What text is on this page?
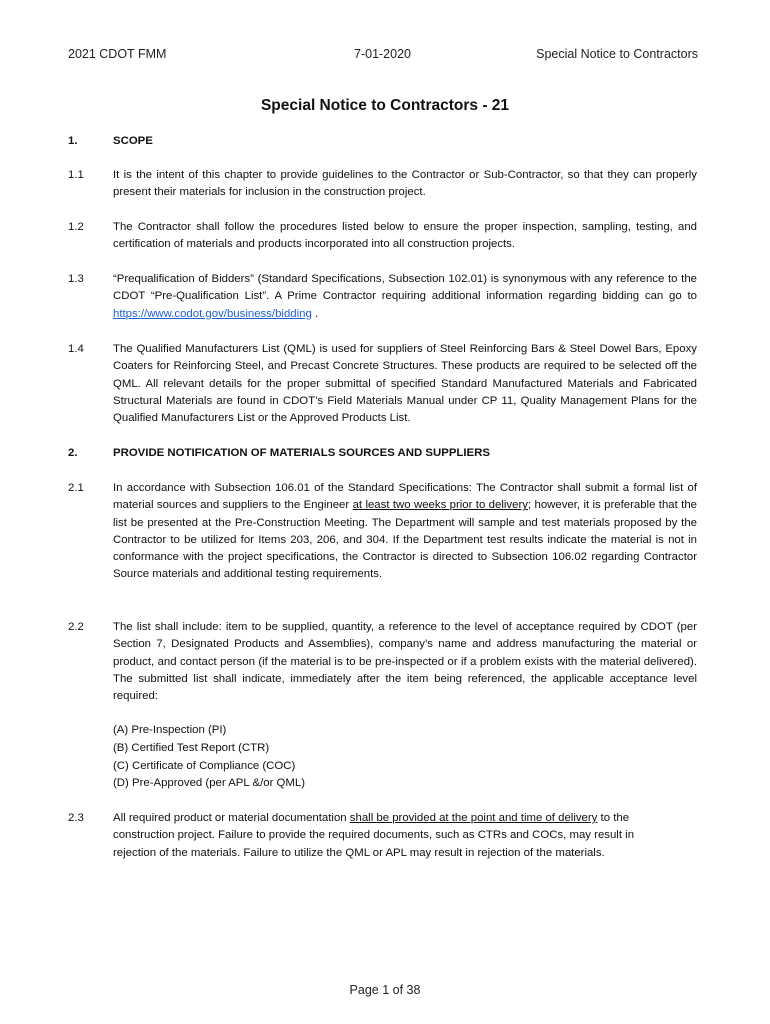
2021 CDOT FMM	7-01-2020	Special Notice to Contractors
Special Notice to Contractors - 21
1.	SCOPE
1.1	It is the intent of this chapter to provide guidelines to the Contractor or Sub-Contractor, so that they can properly present their materials for inclusion in the construction project.
1.2	The Contractor shall follow the procedures listed below to ensure the proper inspection, sampling, testing, and certification of materials and products incorporated into all construction projects.
1.3	“Prequalification of Bidders” (Standard Specifications, Subsection 102.01) is synonymous with any reference to the CDOT “Pre-Qualification List”. A Prime Contractor requiring additional information regarding bidding can go to https://www.codot.gov/business/bidding .
1.4	The Qualified Manufacturers List (QML) is used for suppliers of Steel Reinforcing Bars & Steel Dowel Bars, Epoxy Coaters for Reinforcing Steel, and Precast Concrete Structures. These products are required to be selected off the QML. All relevant details for the proper submittal of specified Standard Manufactured Materials and Fabricated Structural Materials are found in CDOT’s Field Materials Manual under CP 11, Quality Management Plans for the Qualified Manufacturers List or the Approved Products List.
2.	PROVIDE NOTIFICATION OF MATERIALS SOURCES AND SUPPLIERS
2.1	In accordance with Subsection 106.01 of the Standard Specifications: The Contractor shall submit a formal list of material sources and suppliers to the Engineer at least two weeks prior to delivery; however, it is preferable that the list be presented at the Pre-Construction Meeting. The Department will sample and test materials proposed by the Contractor to be utilized for Items 203, 206, and 304. If the Department test results indicate the material is not in conformance with the project specifications, the Contractor is directed to Subsection 106.02 regarding Contractor Source materials and additional testing requirements.
2.2	The list shall include: item to be supplied, quantity, a reference to the level of acceptance required by CDOT (per Section 7, Designated Products and Assemblies), company’s name and address manufacturing the material or product, and contact person (if the material is to be pre-inspected or if a problem exists with the material delivered). The submitted list shall indicate, immediately after the item being referenced, the applicable acceptance level required:
(A) Pre-Inspection (PI)
(B) Certified Test Report (CTR)
(C) Certificate of Compliance (COC)
(D) Pre-Approved (per APL &/or QML)
2.3	All required product or material documentation shall be provided at the point and time of delivery to the construction project. Failure to provide the required documents, such as CTRs and COCs, may result in rejection of the materials. Failure to utilize the QML or APL may result in rejection of the materials.
Page 1 of 38
